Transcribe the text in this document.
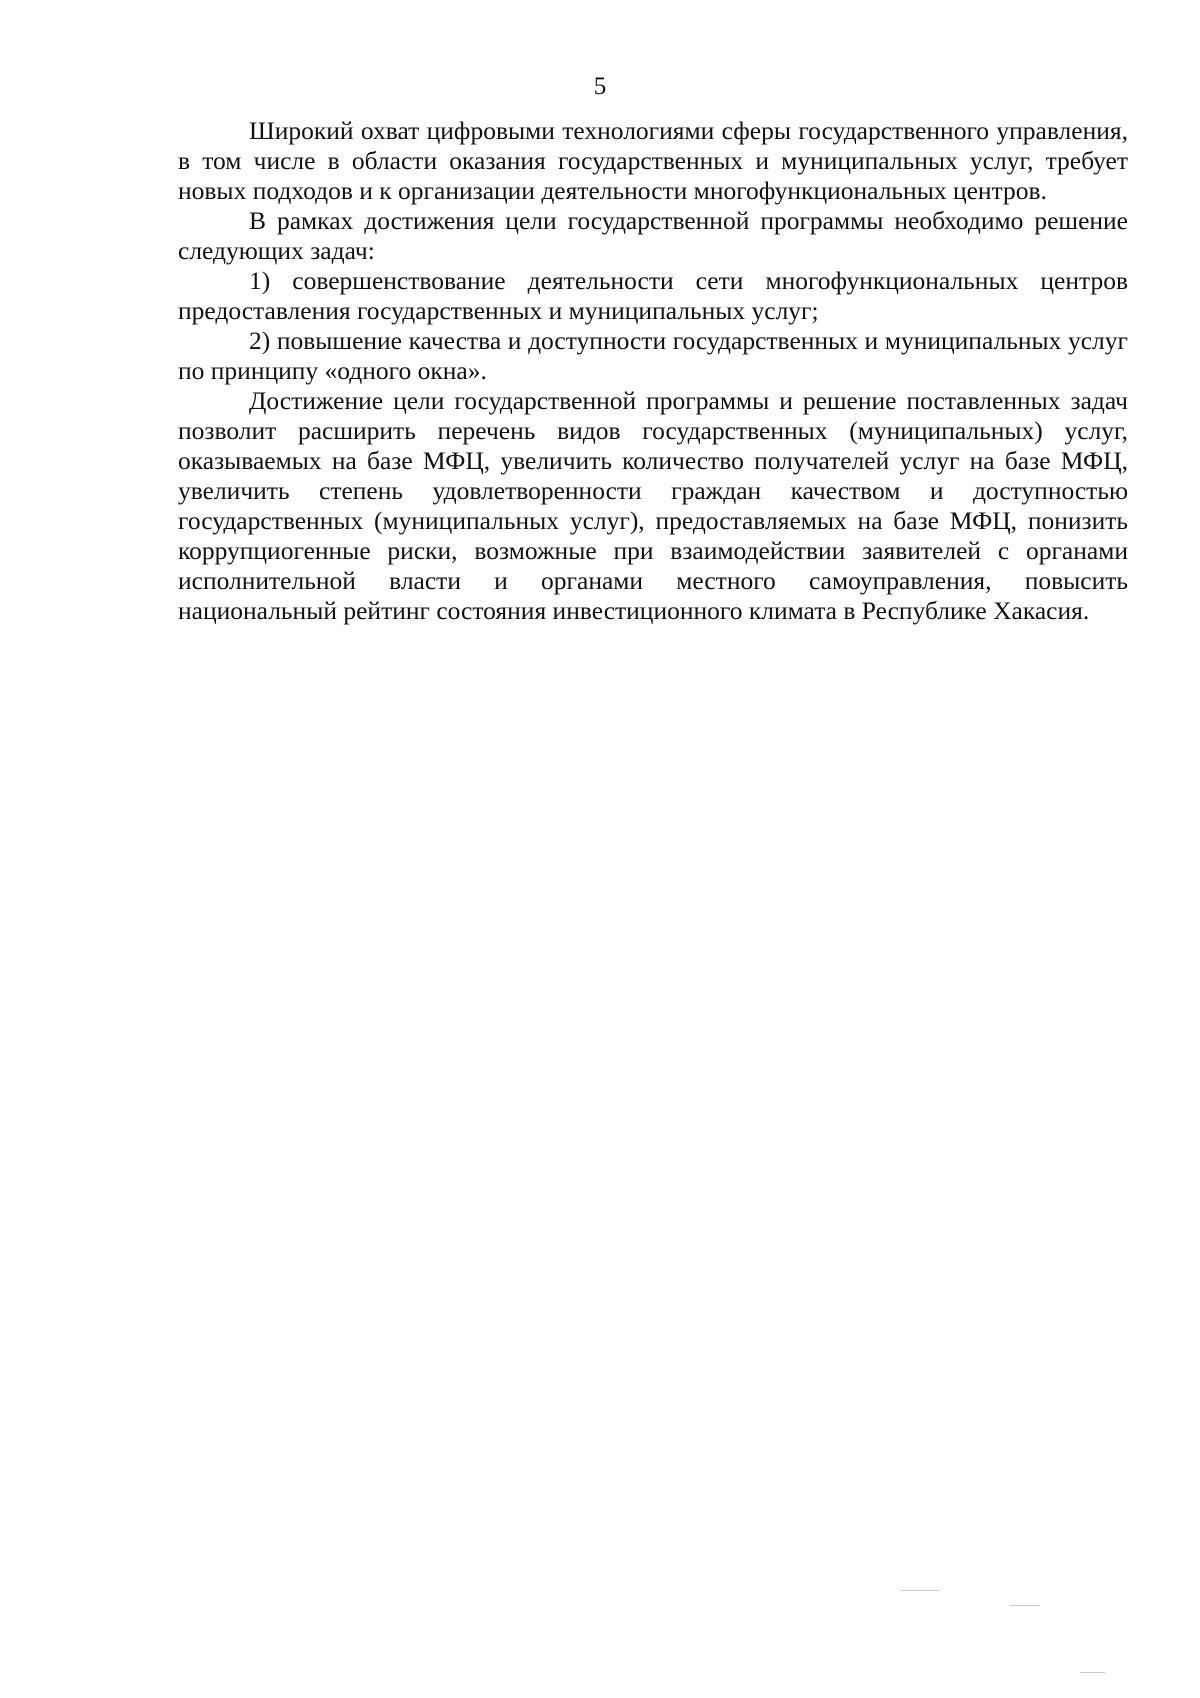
5

Широкий охват цифровыми технологиями сферы государственного управления, в том числе в области оказания государственных и муниципальных услуг, требует новых подходов и к организации деятельности многофункциональных центров.

В рамках достижения цели государственной программы необходимо решение следующих задач:

1) совершенствование деятельности сети многофункциональных центров предоставления государственных и муниципальных услуг;

2) повышение качества и доступности государственных и муниципальных услуг по принципу «одного окна».

Достижение цели государственной программы и решение поставленных задач позволит расширить перечень видов государственных (муниципальных) услуг, оказываемых на базе МФЦ, увеличить количество получателей услуг на базе МФЦ, увеличить степень удовлетворенности граждан качеством и доступностью государственных (муниципальных услуг), предоставляемых на базе МФЦ, понизить коррупциогенные риски, возможные при взаимодействии заявителей с органами исполнительной власти и органами местного самоуправления, повысить национальный рейтинг состояния инвестиционного климата в Республике Хакасия.
